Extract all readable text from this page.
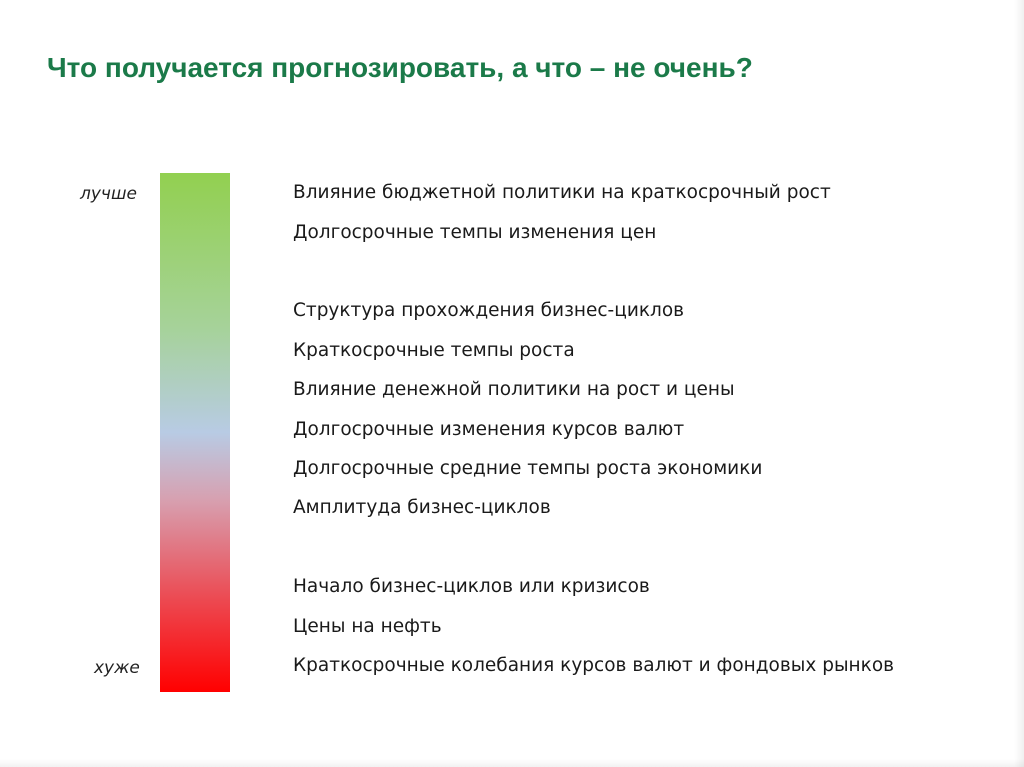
Что получается прогнозировать, а что – не очень?
лучше
хуже
Влияние бюджетной политики на краткосрочный рост
Долгосрочные темпы изменения цен
Структура прохождения бизнес-циклов
Краткосрочные темпы роста
Влияние денежной политики на рост и цены
Долгосрочные изменения курсов валют
Долгосрочные средние темпы роста экономики
Амплитуда бизнес-циклов
Начало бизнес-циклов или кризисов
Цены на нефть
Краткосрочные колебания курсов валют и фондовых рынков
